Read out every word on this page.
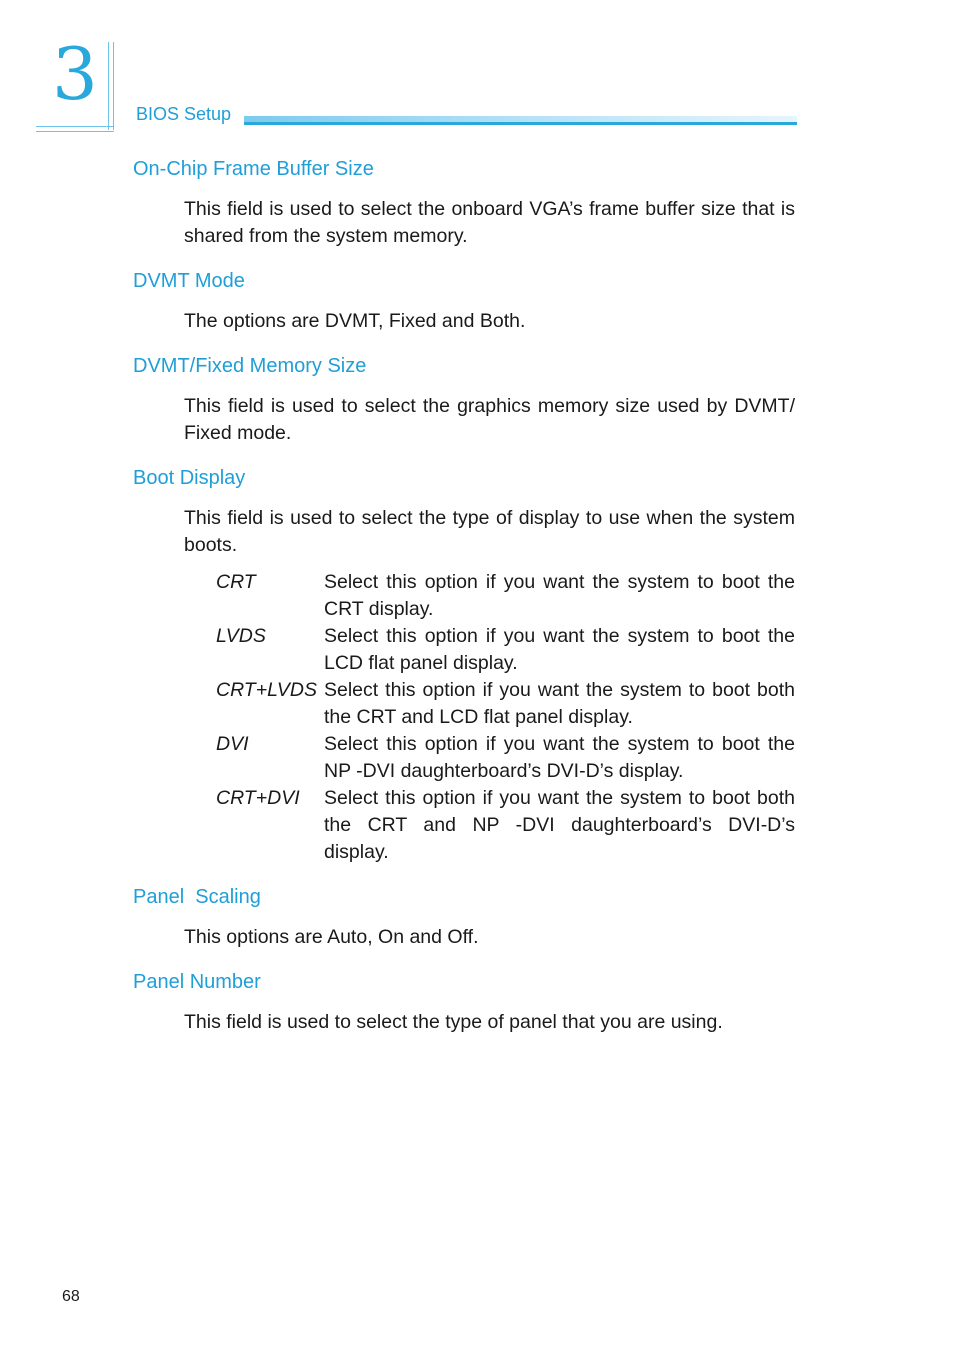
3 BIOS Setup
On-Chip Frame Buffer Size
This field is used to select the onboard VGA’s frame buffer size that is shared from the system memory.
DVMT Mode
The options are DVMT, Fixed and Both.
DVMT/Fixed Memory Size
This field is used to select the graphics memory size used by DVMT/ Fixed mode.
Boot Display
This field is used to select the type of display to use when the system boots.
CRT	Select this option if you want the system to boot the CRT display.
LVDS	Select this option if you want the system to boot the LCD flat panel display.
CRT+LVDS Select this option if you want the system to boot both the CRT and LCD flat panel display.
DVI	Select this option if you want the system to boot the NP -DVI daughterboard’s DVI-D’s display.
CRT+DVI	Select this option if you want the system to boot both the CRT and NP -DVI daughterboard’s DVI-D’s display.
Panel  Scaling
This options are Auto, On and Off.
Panel Number
This field is used to select the type of panel that you are using.
68
